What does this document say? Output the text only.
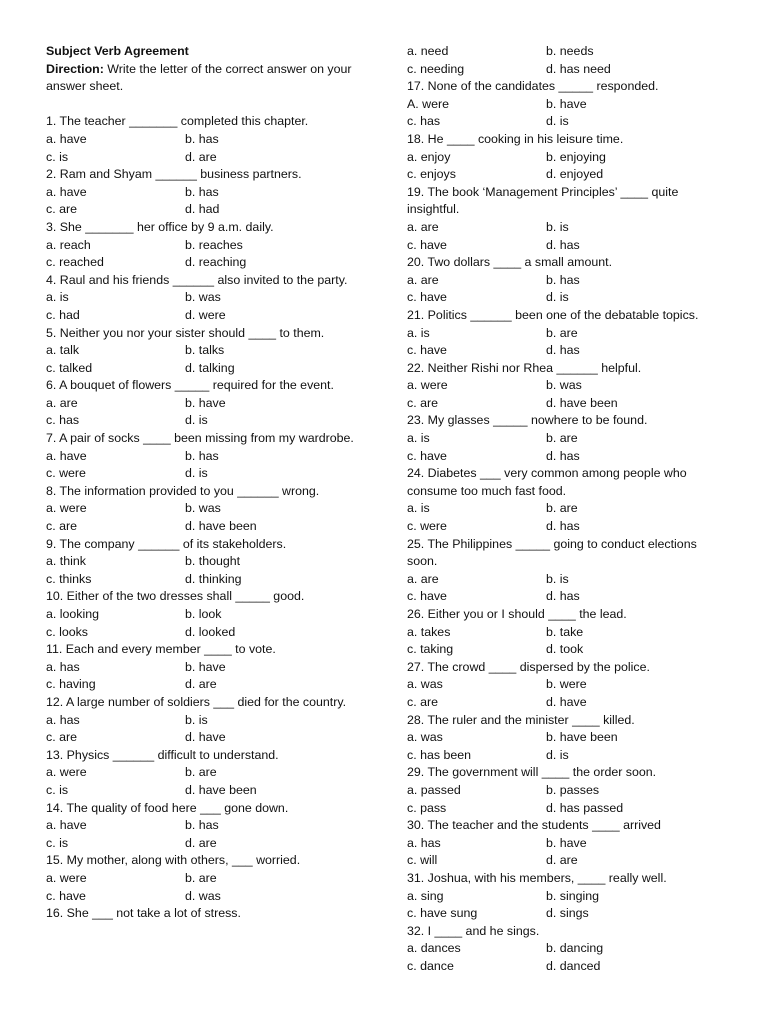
Subject Verb Agreement
Direction: Write the letter of the correct answer on your answer sheet.
1. The teacher _______ completed this chapter.
a. have	b. has
c. is	d. are
2. Ram and Shyam ______ business partners.
a. have	b. has
c. are	d. had
3. She _______ her office by 9 a.m. daily.
a. reach	b. reaches
c. reached	d. reaching
4. Raul and his friends ______ also invited to the party.
a. is	b. was
c. had	d. were
5. Neither you nor your sister should ____ to them.
a. talk	b. talks
c. talked	d. talking
6. A bouquet of flowers _____ required for the event.
a. are	b. have
c. has	d. is
7. A pair of socks ____ been missing from my wardrobe.
a. have	b. has
c. were	d. is
8. The information provided to you ______ wrong.
a. were	b. was
c. are	d. have been
9. The company ______ of its stakeholders.
a. think	b. thought
c. thinks	d. thinking
10. Either of the two dresses shall _____ good.
a. looking	b. look
c. looks	d. looked
11. Each and every member ____ to vote.
a. has	b. have
c. having	d. are
12. A large number of soldiers ___ died for the country.
a. has	b. is
c. are	d. have
13. Physics ______ difficult to understand.
a. were	b. are
c. is	d. have been
14. The quality of food here ___ gone down.
a. have	b. has
c. is	d. are
15. My mother, along with others, ___ worried.
a. were	b. are
c. have	d. was
16. She ___ not take a lot of stress.
a. need	b. needs
c. needing	d. has need
17. None of the candidates _____ responded.
A. were	b. have
c. has	d. is
18. He ____ cooking in his leisure time.
a. enjoy	b. enjoying
c. enjoys	d. enjoyed
19. The book ‘Management Principles’ ____ quite insightful.
a. are	b. is
c. have	d. has
20. Two dollars ____ a small amount.
a. are	b. has
c. have	d. is
21. Politics ______ been one of the debatable topics.
a. is	b. are
c. have	d. has
22. Neither Rishi nor Rhea ______ helpful.
a. were	b. was
c. are	d. have been
23. My glasses _____ nowhere to be found.
a. is	b. are
c. have	d. has
24. Diabetes ___ very common among people who consume too much fast food.
a. is	b. are
c. were	d. has
25. The Philippines _____ going to conduct elections soon.
a. are	b. is
c. have	d. has
26. Either you or I should ____ the lead.
a. takes	b. take
c. taking	d. took
27. The crowd ____ dispersed by the police.
a. was	b. were
c. are	d. have
28. The ruler and the minister ____ killed.
a. was	b. have been
c. has been	d. is
29. The government will ____ the order soon.
a. passed	b. passes
c. pass	d. has passed
30. The teacher and the students ____ arrived
a. has	b. have
c. will	d. are
31. Joshua, with his members, ____ really well.
a. sing	b. singing
c. have sung	d. sings
32. I ____ and he sings.
a. dances	b. dancing
c. dance	d. danced
